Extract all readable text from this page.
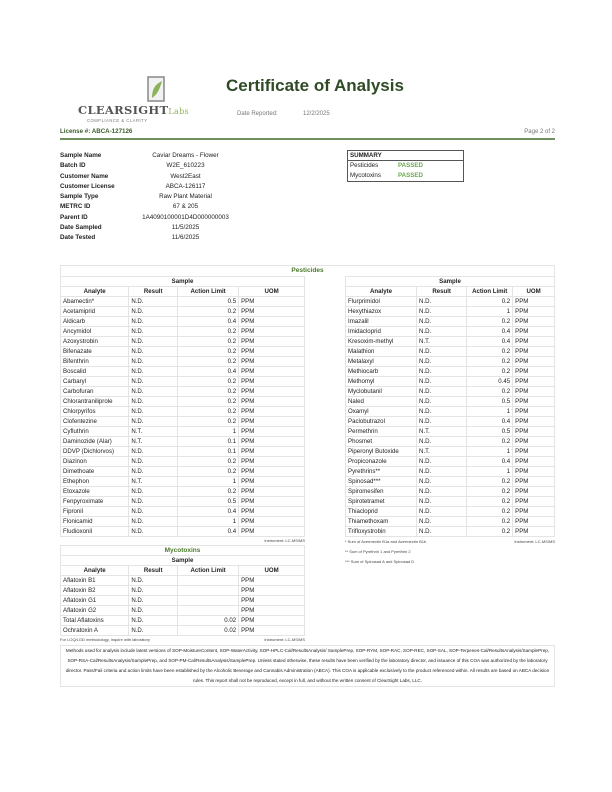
CLEARSIGHTLabs
COMPLIANCE & CLARITY
Certificate of Analysis
Date Reported:	12/2/2025
License #: ABCA-127126	Page 2 of 2
Sample Name	Caviar Dreams - Flower
Batch ID	W2E_610223
Customer Name	West2East
Customer License	ABCA-126117
Sample Type	Raw Plant Material
METRC ID	67 & 205
Parent ID	1A4090100001D4D000000003
Date Sampled	11/5/2025
Date Tested	11/6/2025
SUMMARY
Pesticides	PASSED
Mycotoxins	PASSED
Pesticides
Sample			
Analyte	Result	Action Limit	UOM
Abamectin*	N.D.	0.5	PPM
Acetamiprid	N.D.	0.2	PPM
Aldicarb	N.D.	0.4	PPM
Ancymidol	N.D.	0.2	PPM
Azoxystrobin	N.D.	0.2	PPM
Bifenazate	N.D.	0.2	PPM
Bifenthrin	N.D.	0.2	PPM
Boscalid	N.D.	0.4	PPM
Carbaryl	N.D.	0.2	PPM
Carbofuran	N.D.	0.2	PPM
Chlorantraniliprole	N.D.	0.2	PPM
Chlorpyrifos	N.D.	0.2	PPM
Clofentezine	N.D.	0.2	PPM
Cyfluthrin	N.T.	1	PPM
Daminozide (Alar)	N.T.	0.1	PPM
DDVP (Dichlorvos)	N.D.	0.1	PPM
Diazinon	N.D.	0.2	PPM
Dimethoate	N.D.	0.2	PPM
Ethephon	N.T.	1	PPM
Etoxazole	N.D.	0.2	PPM
Fenpyroximate	N.D.	0.5	PPM
Fipronil	N.D.	0.4	PPM
Flonicamid	N.D.	1	PPM
Fludioxonil	N.D.	0.4	PPM
Instrument: LC-MS/MS
Mycotoxins
Sample			
Analyte	Result	Action Limit	UOM
Aflatoxin B1	N.D.		PPM
Aflatoxin B2	N.D.		PPM
Aflatoxin G1	N.D.		PPM
Aflatoxin G2	N.D.		PPM
Total Aflatoxins	N.D.	0.02	PPM
Ochratoxin A	N.D.	0.02	PPM
For LOQ/LOD methodology, inquire with laboratory	Instrument: LC-MS/MS
Sample			
Analyte	Result	Action Limit	UOM
Flurprimidol	N.D.	0.2	PPM
Hexythiazox	N.D.	1	PPM
Imazalil	N.D.	0.2	PPM
Imidacloprid	N.D.	0.4	PPM
Kresoxim-methyl	N.T.	0.4	PPM
Malathion	N.D.	0.2	PPM
Metalaxyl	N.D.	0.2	PPM
Methiocarb	N.D.	0.2	PPM
Methomyl	N.D.	0.45	PPM
Myclobutanil	N.D.	0.2	PPM
Naled	N.D.	0.5	PPM
Oxamyl	N.D.	1	PPM
Paclobutrazol	N.D.	0.4	PPM
Permethrin	N.T.	0.5	PPM
Phosmet	N.D.	0.2	PPM
Piperonyl Butoxide	N.T.	1	PPM
Propiconazole	N.D.	0.4	PPM
Pyrethrins**	N.D.	1	PPM
Spinosad***	N.D.	0.2	PPM
Spiromesifen	N.D.	0.2	PPM
Spirotetramet	N.D.	0.2	PPM
Thiacloprid	N.D.	0.2	PPM
Thiamethoxam	N.D.	0.2	PPM
Trifloxystrobin	N.D.	0.2	PPM
* Sum of Avermectin B1a and Avermectin B1b	Instrument: LC-MS/MS
** Sum of Pyrethrin 1 and Pyrethrin 2
*** Sum of Spinosad A and Spinosad D
Methods used for analysis include latest versions of SOP-MoistureContent, SOP-WaterActivity, SOP-HPLC-Cal/ResultsAnalysis/ SamplePrep, SOP-RYM, SOP-RAC, SOP-REC, SOP-SAL, SOP-Terpenes-Cal/ResultsAnalysis/SamplePrep, SOP-RSA-Cal/ResultsAnalysis/SamplePrep, and SOP-PM-Cal/ResultsAnalysis/SamplePrep. Unless stated otherwise, these results have been verified by the laboratory director, and issuance of this COA was authorized by the laboratory director. Pass/Fail criteria and action limits have been established by the Alcoholic Beverage and Cannabis Administration (ABCA). This COA is applicable exclusively to the product referenced within. All results are based on ABCA decision rules. This report shall not be reproduced, except in full, and without the written consent of ClearSight Labs, LLC.
